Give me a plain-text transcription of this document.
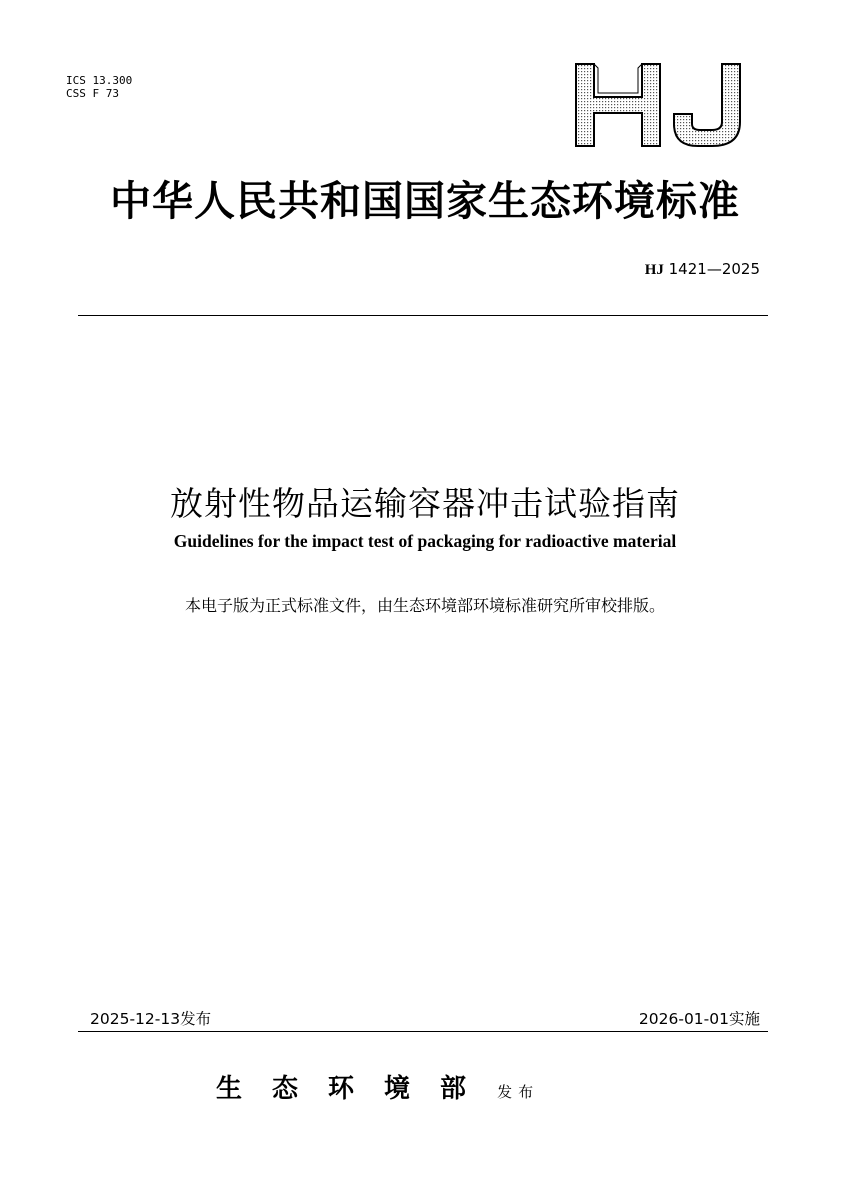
ICS 13.300
CSS F 73
中华人民共和国国家生态环境标准
HJ 1421—2025
放射性物品运输容器冲击试验指南
Guidelines for the impact test of packaging for radioactive material
本电子版为正式标准文件，由生态环境部环境标准研究所审校排版。
2025-12-13发布	2026-01-01实施
生态环境部 发布
